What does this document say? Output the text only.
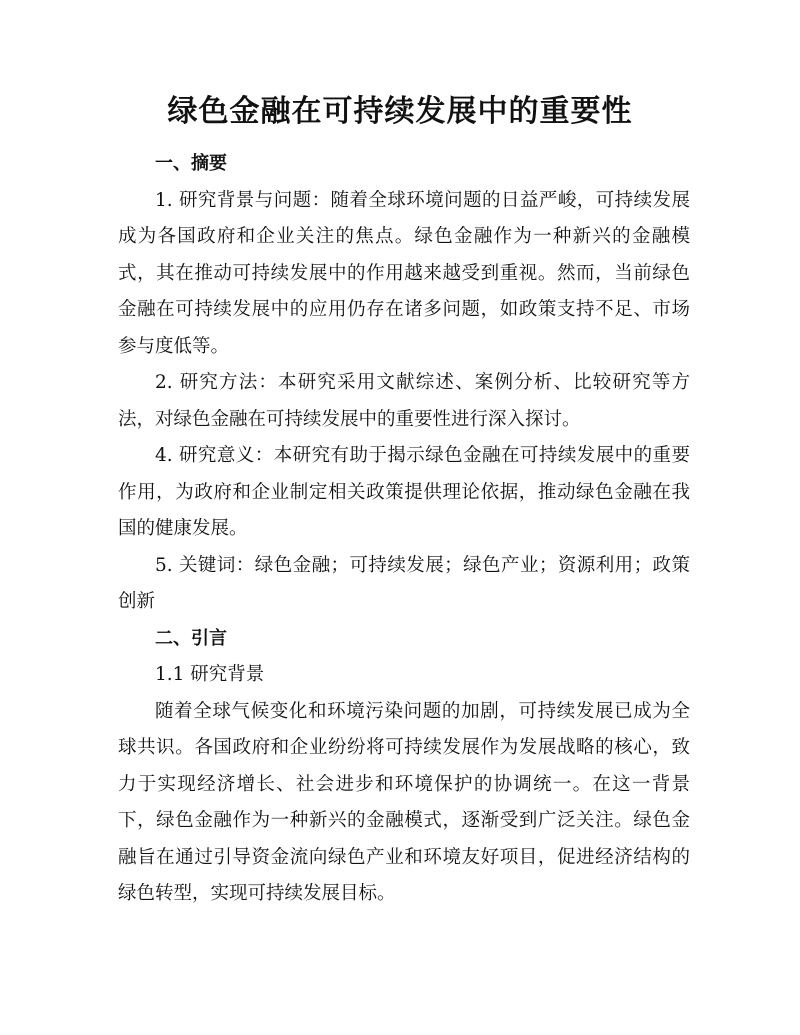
绿色金融在可持续发展中的重要性

一、摘要

1. 研究背景与问题：随着全球环境问题的日益严峻，可持续发展成为各国政府和企业关注的焦点。绿色金融作为一种新兴的金融模式，其在推动可持续发展中的作用越来越受到重视。然而，当前绿色金融在可持续发展中的应用仍存在诸多问题，如政策支持不足、市场参与度低等。

2. 研究方法：本研究采用文献综述、案例分析、比较研究等方法，对绿色金融在可持续发展中的重要性进行深入探讨。

4. 研究意义：本研究有助于揭示绿色金融在可持续发展中的重要作用，为政府和企业制定相关政策提供理论依据，推动绿色金融在我国的健康发展。

5. 关键词：绿色金融；可持续发展；绿色产业；资源利用；政策创新

二、引言

1.1 研究背景

随着全球气候变化和环境污染问题的加剧，可持续发展已成为全球共识。各国政府和企业纷纷将可持续发展作为发展战略的核心，致力于实现经济增长、社会进步和环境保护的协调统一。在这一背景下，绿色金融作为一种新兴的金融模式，逐渐受到广泛关注。绿色金融旨在通过引导资金流向绿色产业和环境友好项目，促进经济结构的绿色转型，实现可持续发展目标。
